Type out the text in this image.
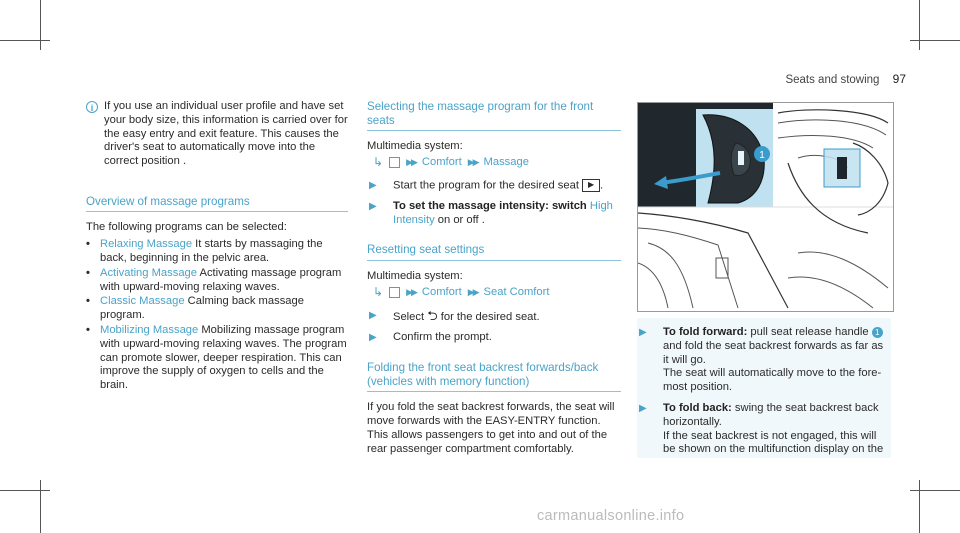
Seats and stowing 97
i If you use an individual user profile and have set your body size, this information is carried over for the easy entry and exit feature. This causes the driver's seat to automatically move into the correct position .
Overview of massage programs
The following programs can be selected:
• Relaxing Massage It starts by massaging the back, beginning in the pelvic area.
• Activating Massage Activating massage program with upward-moving relaxing waves.
• Classic Massage Calming back massage program.
• Mobilizing Massage Mobilizing massage program with upward-moving relaxing waves. The program can promote slower, deeper respiration. This can improve the supply of oxygen to cells and the brain.
Selecting the massage program for the front seats
Multimedia system:
↳	▶▶ Comfort ▶▶ Massage
▶	Start the program for the desired seat ▶ .
▶	To set the massage intensity: switch High Intensity on or off .
Resetting seat settings
Multimedia system:
↳	▶▶ Comfort ▶▶ Seat Comfort
▶	Select ⮌ for the desired seat.
▶	Confirm the prompt.
Folding the front seat backrest forwards/back (vehicles with memory function)
If you fold the seat backrest forwards, the seat will move forwards with the EASY-ENTRY function. This allows passengers to get into and out of the rear passenger compartment comfortably.
1
▶	To fold forward: pull seat release handle 1 and fold the seat backrest forwards as far as it will go.
The seat will automatically move to the fore-most position.
▶	To fold back: swing the seat backrest back horizontally.
If the seat backrest is not engaged, this will be shown on the multifunction display on the
carmanualsonline.info
